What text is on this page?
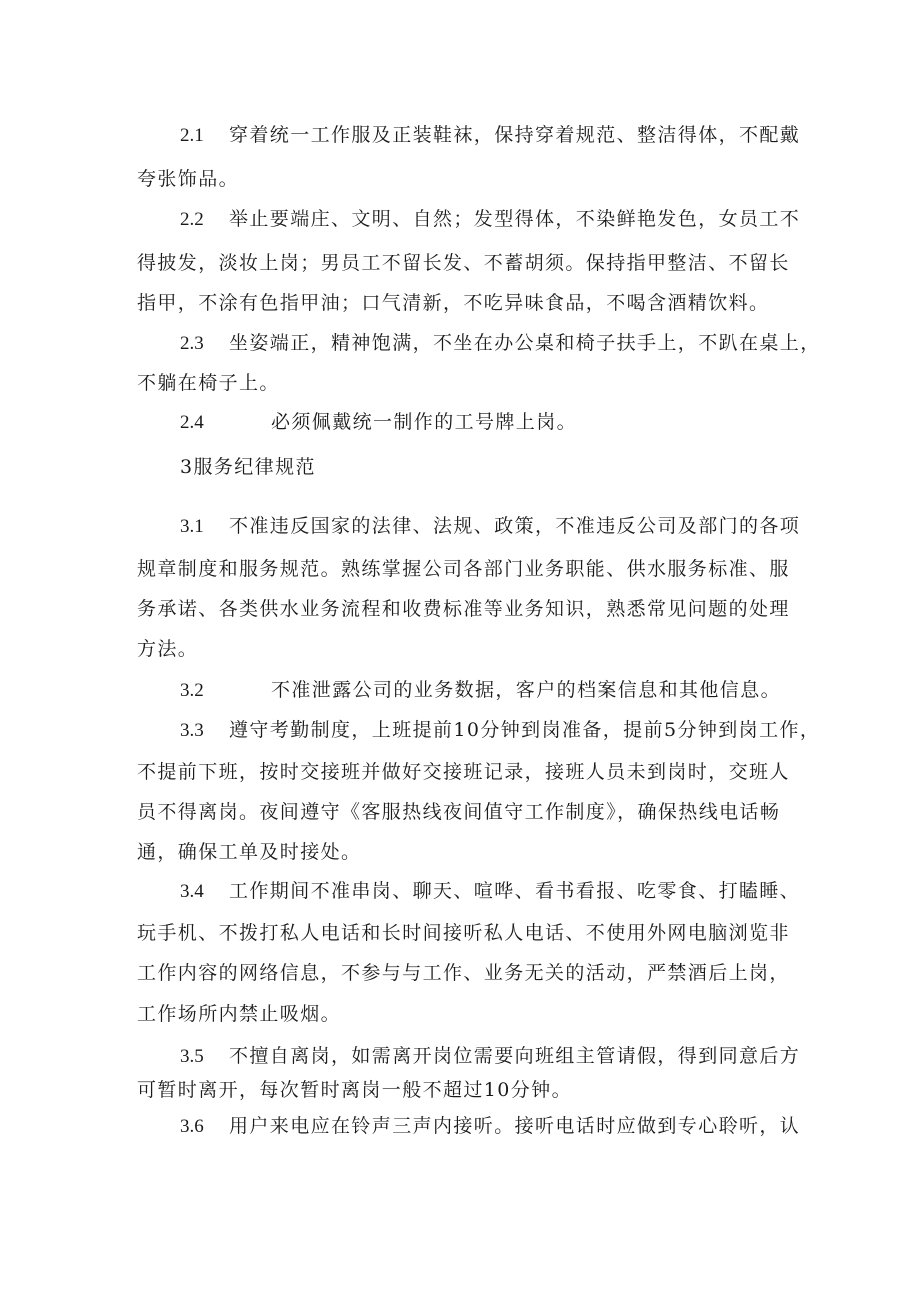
2.1 穿着统一工作服及正装鞋袜，保持穿着规范、整洁得体，不配戴
夸张饰品。
2.2 举止要端庄、文明、自然；发型得体，不染鲜艳发色，女员工不
得披发，淡妆上岗；男员工不留长发、不蓄胡须。保持指甲整洁、不留长
指甲，不涂有色指甲油；口气清新，不吃异味食品，不喝含酒精饮料。
2.3 坐姿端正，精神饱满，不坐在办公桌和椅子扶手上，不趴在桌上，
不躺在椅子上。
2.4	必须佩戴统一制作的工号牌上岗。
3服务纪律规范
3.1 不准违反国家的法律、法规、政策，不准违反公司及部门的各项
规章制度和服务规范。熟练掌握公司各部门业务职能、供水服务标准、服
务承诺、各类供水业务流程和收费标准等业务知识，熟悉常见问题的处理
方法。
3.2	不准泄露公司的业务数据，客户的档案信息和其他信息。
3.3 遵守考勤制度，上班提前10分钟到岗准备，提前5分钟到岗工作，
不提前下班，按时交接班并做好交接班记录，接班人员未到岗时，交班人
员不得离岗。夜间遵守《客服热线夜间值守工作制度》，确保热线电话畅
通，确保工单及时接处。
3.4 工作期间不准串岗、聊天、喧哗、看书看报、吃零食、打瞌睡、
玩手机、不拨打私人电话和长时间接听私人电话、不使用外网电脑浏览非
工作内容的网络信息，不参与与工作、业务无关的活动，严禁酒后上岗，
工作场所内禁止吸烟。
3.5 不擅自离岗，如需离开岗位需要向班组主管请假，得到同意后方
可暂时离开，每次暂时离岗一般不超过10分钟。
3.6 用户来电应在铃声三声内接听。接听电话时应做到专心聆听，认
